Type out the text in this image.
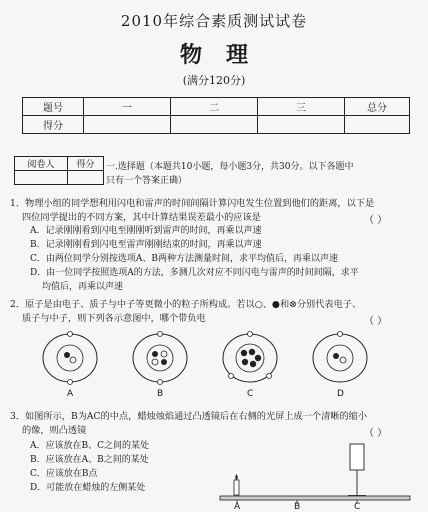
2010年综合素质测试试卷
物理
(满分120分)
题号	一	二	三	总分
得分				
阅卷人	得分
	一.选择题（本题共10小题，每小题3分，共30分。以下各题中
只有一个答案正确）
1．物理小组的同学想利用闪电和雷声的时间间隔计算闪电发生位置到他们的距离，以下是
四位同学提出的不同方案，其中计算结果误差最小的应该是	（ ）
A．记录刚刚看到闪电至刚刚听到雷声的时间，再乘以声速
B．记录刚刚看到闪电至雷声刚刚结束的时间，再乘以声速
C．由两位同学分别按选项A、B两种方法测量时间，求平均值后，再乘以声速
D．由一位同学按照选项A的方法，多测几次对应不同闪电与雷声的时间间隔，求平
均值后，再乘以声速
2．原子是由电子、质子与中子等更微小的粒子所构成。若以○、●和⊗分别代表电子、
质子与中子，则下列各示意图中，哪个带负电	（ ）
A	B	C	D
3．如图所示，B为AC的中点，蜡烛烛焰通过凸透镜后在右侧的光屏上成一个清晰的缩小
的像，则凸透镜	（ ）
A．应该放在B、C之间的某处
B．应该放在A、B之间的某处
C．应该放在B点
D．可能放在蜡烛的左侧某处
A	B	C
